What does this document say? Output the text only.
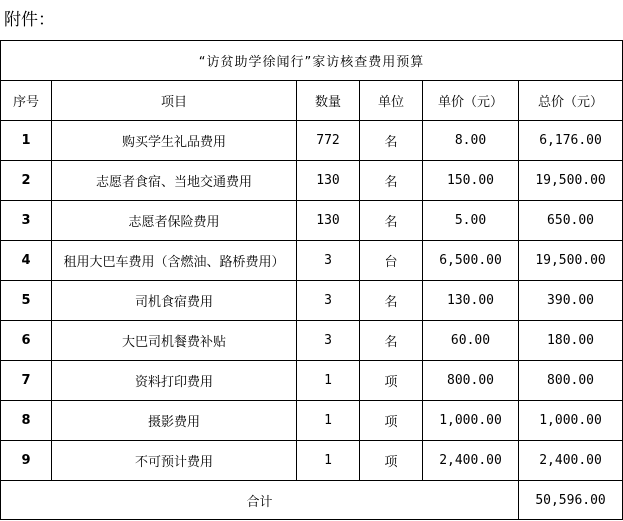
附件：
“访贫助学徐闻行”家访核查费用预算					
序号	项目	数量	单位	单价（元）	总价（元）
1	购买学生礼品费用	772	名	8.00	6,176.00
2	志愿者食宿、当地交通费用	130	名	150.00	19,500.00
3	志愿者保险费用	130	名	5.00	650.00
4	租用大巴车费用（含燃油、路桥费用）	3	台	6,500.00	19,500.00
5	司机食宿费用	3	名	130.00	390.00
6	大巴司机餐费补贴	3	名	60.00	180.00
7	资料打印费用	1	项	800.00	800.00
8	摄影费用	1	项	1,000.00	1,000.00
9	不可预计费用	1	项	2,400.00	2,400.00
合计					50,596.00
